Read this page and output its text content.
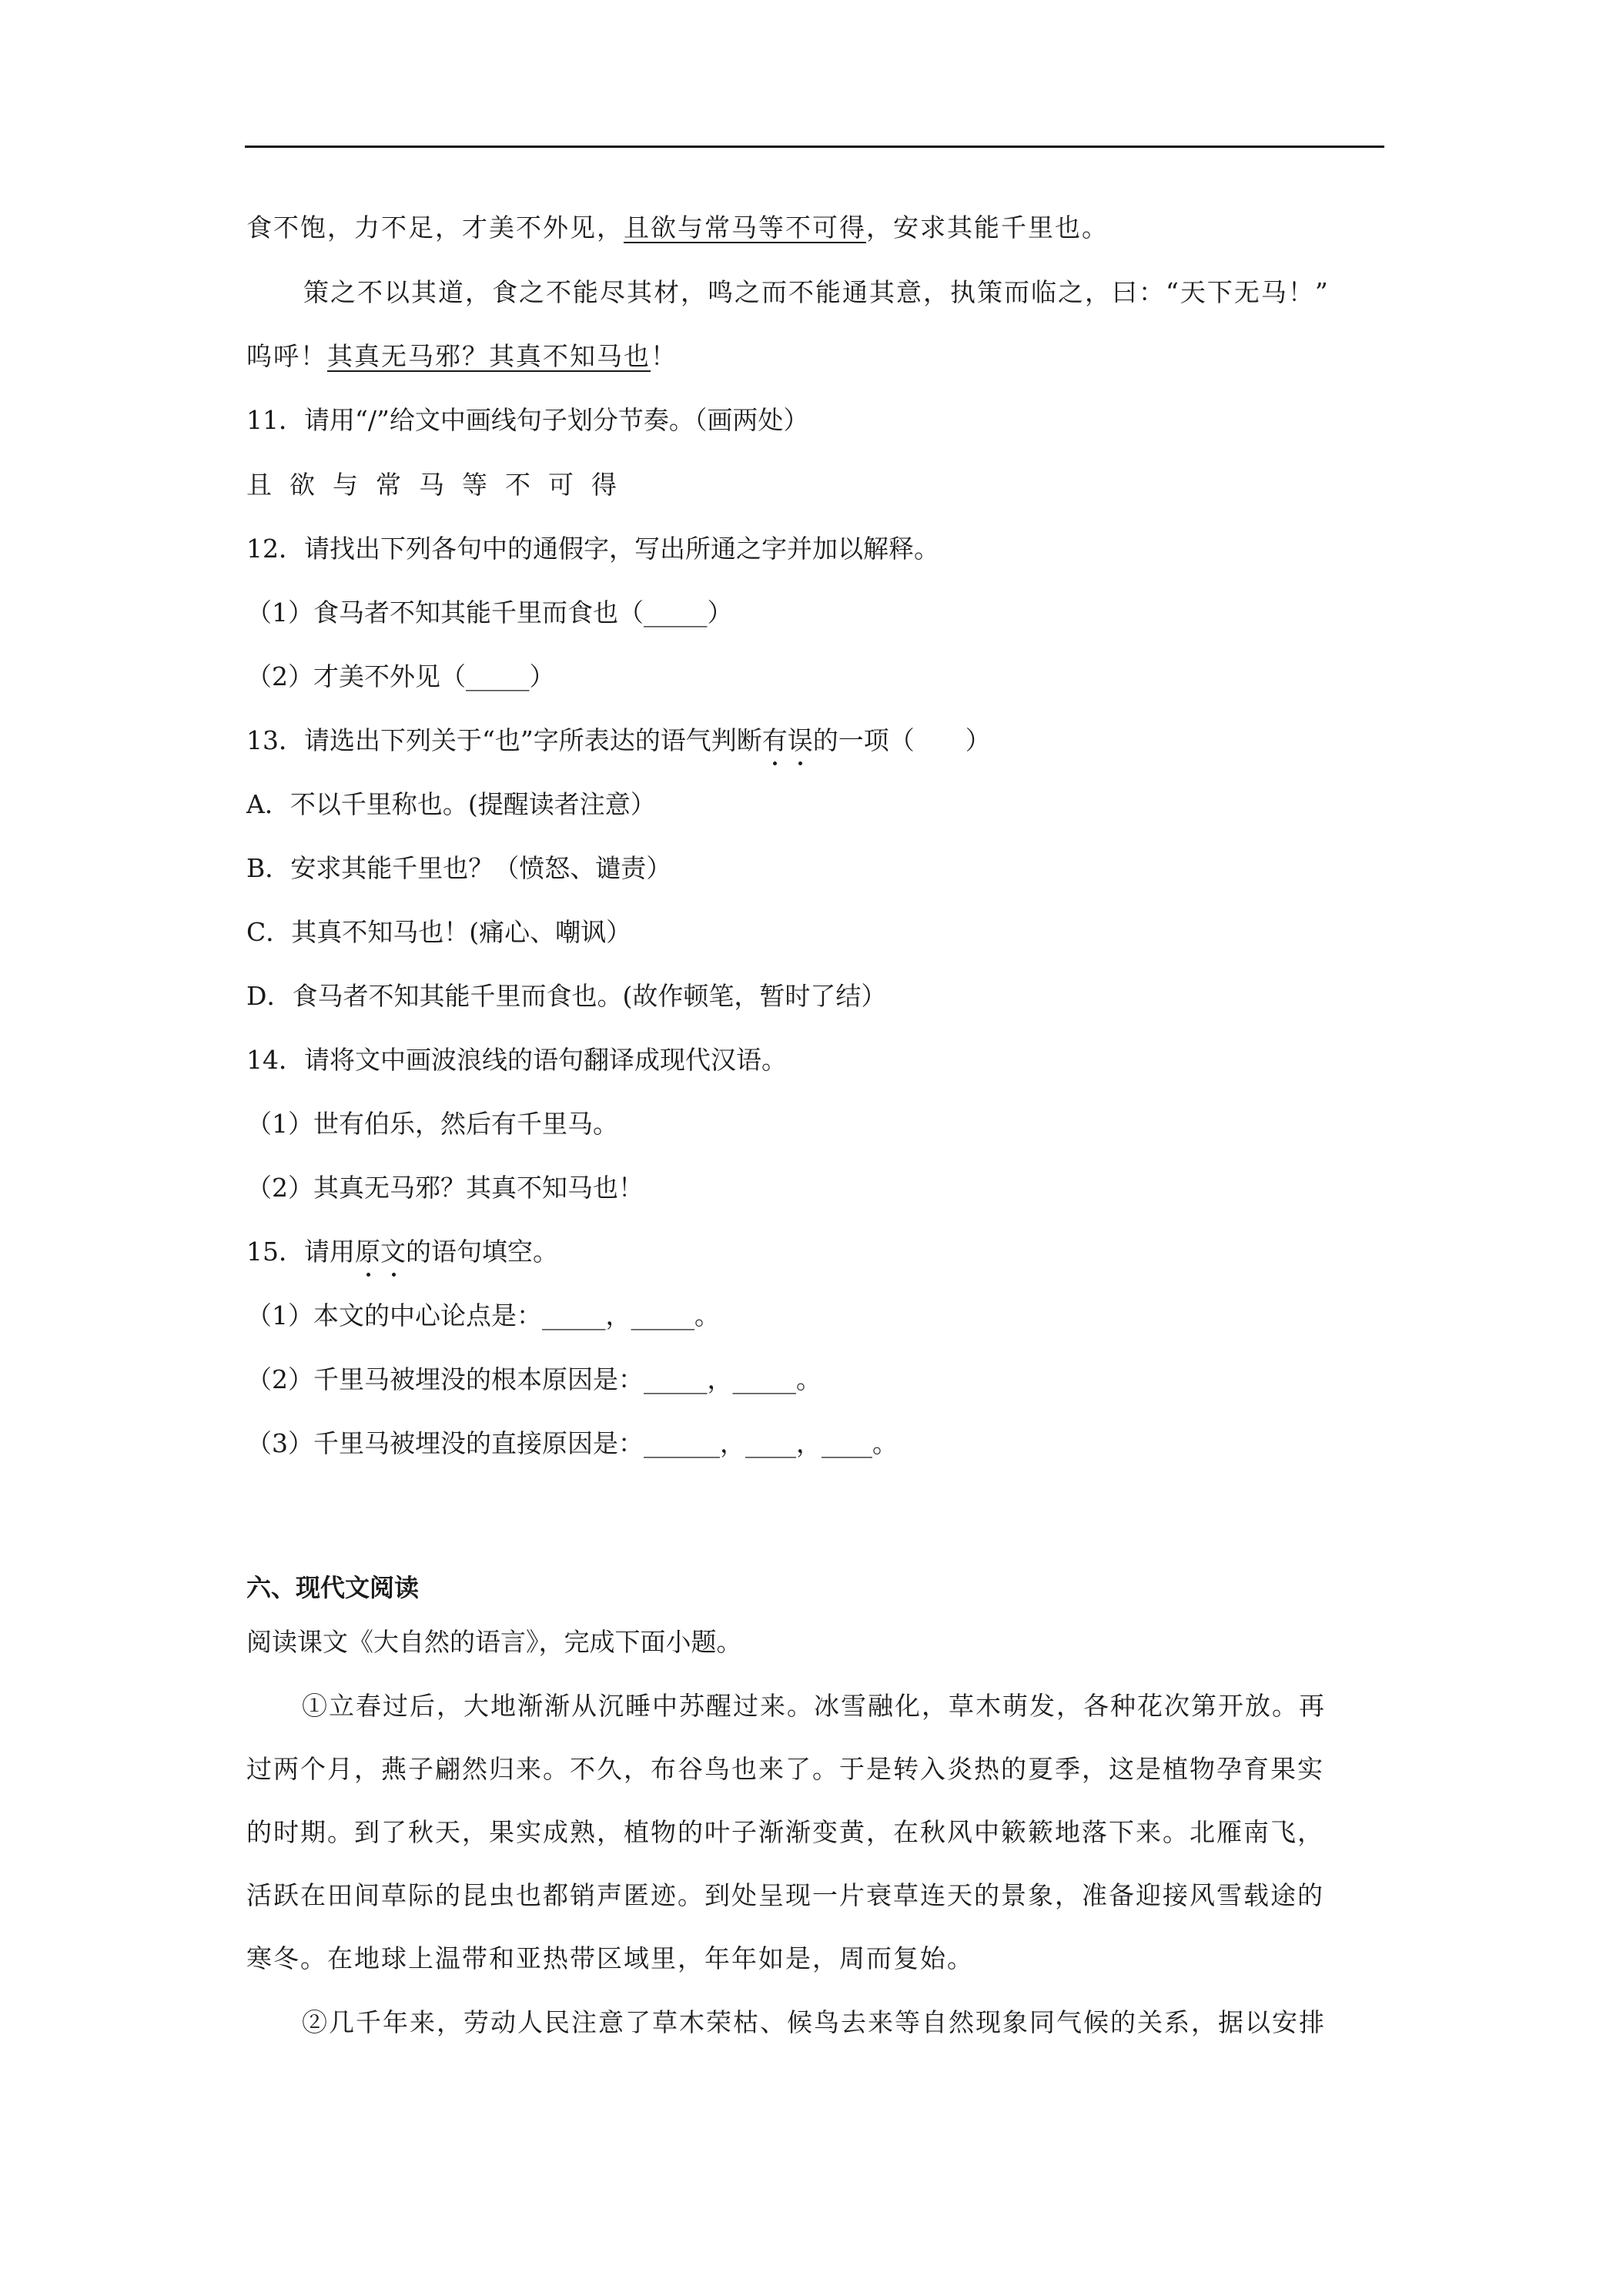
食不饱，力不足，才美不外见，且欲与常马等不可得，安求其能千里也。
策之不以其道，食之不能尽其材，鸣之而不能通其意，执策而临之，曰：“天下无马！”
呜呼！其真无马邪？其真不知马也！
11．请用“/”给文中画线句子划分节奏。（画两处）
且欲与常马等不可得
12．请找出下列各句中的通假字，写出所通之字并加以解释。
（1）食马者不知其能千里而食也（_____）
（2）才美不外见（_____）
13．请选出下列关于“也”字所表达的语气判断有误的一项（　　）
A．不以千里称也。(提醒读者注意）
B．安求其能千里也？（愤怒、谴责）
C．其真不知马也！(痛心、嘲讽）
D．食马者不知其能千里而食也。(故作顿笔，暂时了结）
14．请将文中画波浪线的语句翻译成现代汉语。
（1）世有伯乐，然后有千里马。
（2）其真无马邪？其真不知马也！
15．请用原文的语句填空。
（1）本文的中心论点是：_____，_____。
（2）千里马被埋没的根本原因是：_____，_____。
（3）千里马被埋没的直接原因是：______，____，____。
六、现代文阅读
阅读课文《大自然的语言》，完成下面小题。
①立春过后，大地渐渐从沉睡中苏醒过来。冰雪融化，草木萌发，各种花次第开放。再
过两个月，燕子翩然归来。不久，布谷鸟也来了。于是转入炎热的夏季，这是植物孕育果实
的时期。到了秋天，果实成熟，植物的叶子渐渐变黄，在秋风中簌簌地落下来。北雁南飞，
活跃在田间草际的昆虫也都销声匿迹。到处呈现一片衰草连天的景象，准备迎接风雪载途的
寒冬。在地球上温带和亚热带区域里，年年如是，周而复始。
②几千年来，劳动人民注意了草木荣枯、候鸟去来等自然现象同气候的关系，据以安排
